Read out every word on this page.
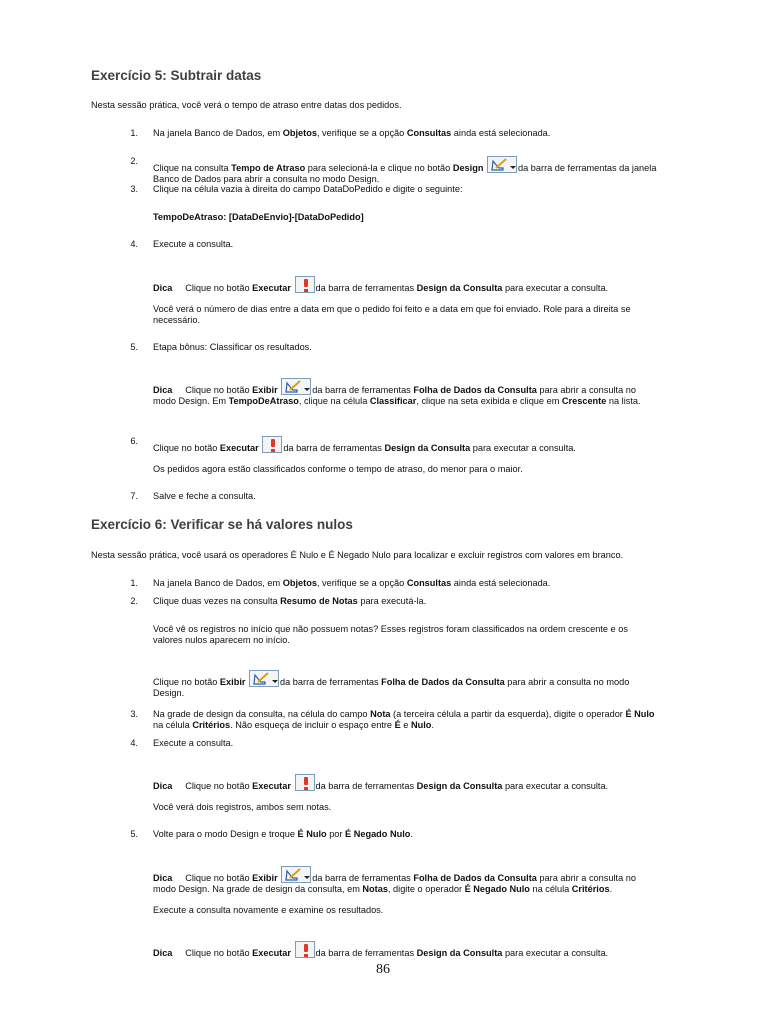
Exercício 5: Subtrair datas
Nesta sessão prática, você verá o tempo de atraso entre datas dos pedidos.
1. Na janela Banco de Dados, em Objetos, verifique se a opção Consultas ainda está selecionada.
2.
Clique na consulta Tempo de Atraso para selecioná-la e clique no botão Design	da barra de ferramentas da janela Banco de Dados para abrir a consulta no modo Design.
3. Clique na célula vazia à direita do campo DataDoPedido e digite o seguinte:
TempoDeAtraso: [DataDeEnvio]-[DataDoPedido]
4. Execute a consulta.
Dica Clique no botão Executar	da barra de ferramentas Design da Consulta para executar a consulta.
Você verá o número de dias entre a data em que o pedido foi feito e a data em que foi enviado. Role para a direita se necessário.
5. Etapa bônus: Classificar os resultados.
Dica Clique no botão Exibir	da barra de ferramentas Folha de Dados da Consulta para abrir a consulta no modo Design. Em TempoDeAtraso, clique na célula Classificar, clique na seta exibida e clique em Crescente na lista.
6.
Clique no botão Executar	da barra de ferramentas Design da Consulta para executar a consulta.
Os pedidos agora estão classificados conforme o tempo de atraso, do menor para o maior.
7. Salve e feche a consulta.
Exercício 6: Verificar se há valores nulos
Nesta sessão prática, você usará os operadores É Nulo e É Negado Nulo para localizar e excluir registros com valores em branco.
1. Na janela Banco de Dados, em Objetos, verifique se a opção Consultas ainda está selecionada.
2. Clique duas vezes na consulta Resumo de Notas para executá-la.
Você vê os registros no início que não possuem notas? Esses registros foram classificados na ordem crescente e os valores nulos aparecem no início.
Clique no botão Exibir	da barra de ferramentas Folha de Dados da Consulta para abrir a consulta no modo Design.
3. Na grade de design da consulta, na célula do campo Nota (a terceira célula a partir da esquerda), digite o operador É Nulo na célula Critérios. Não esqueça de incluir o espaço entre É e Nulo.
4. Execute a consulta.
Dica Clique no botão Executar	da barra de ferramentas Design da Consulta para executar a consulta.
Você verá dois registros, ambos sem notas.
5. Volte para o modo Design e troque É Nulo por É Negado Nulo.
Dica Clique no botão Exibir	da barra de ferramentas Folha de Dados da Consulta para abrir a consulta no modo Design. Na grade de design da consulta, em Notas, digite o operador É Negado Nulo na célula Critérios.
Execute a consulta novamente e examine os resultados.
Dica Clique no botão Executar	da barra de ferramentas Design da Consulta para executar a consulta.
86
